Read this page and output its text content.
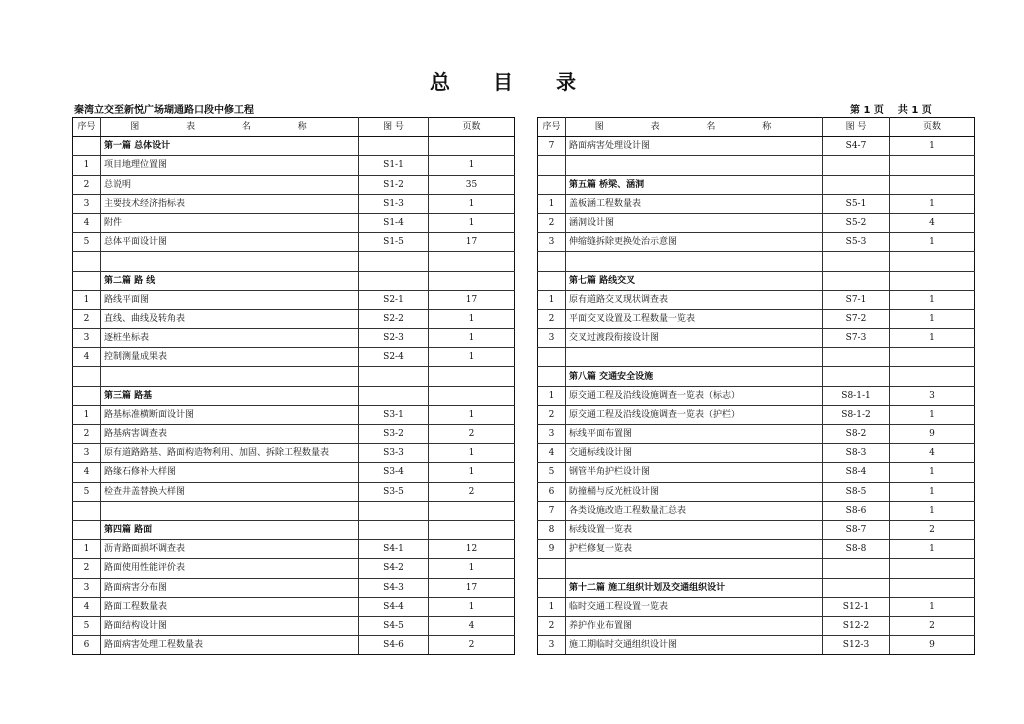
总 目 录
秦湾立交至新悦广场瑚通路口段中修工程	第 1 页    共 1 页
序号	图 表 名 称	图 号	页数
	第一篇 总体设计		
1	项目地理位置图	S1-1	1
2	总说明	S1-2	35
3	主要技术经济指标表	S1-3	1
4	附件	S1-4	1
5	总体平面设计图	S1-5	17

	第二篇 路 线		
1	路线平面图	S2-1	17
2	直线、曲线及转角表	S2-2	1
3	逐桩坐标表	S2-3	1
4	控制测量成果表	S2-4	1

	第三篇 路基		
1	路基标准横断面设计图	S3-1	1
2	路基病害调查表	S3-2	2
3	原有道路路基、路面构造物利用、加固、拆除工程数量表	S3-3	1
4	路缘石修补大样图	S3-4	1
5	检查井盖替换大样图	S3-5	2

	第四篇 路面		
1	沥青路面损坏调查表	S4-1	12
2	路面使用性能评价表	S4-2	1
3	路面病害分布图	S4-3	17
4	路面工程数量表	S4-4	1
5	路面结构设计图	S4-5	4
6	路面病害处理工程数量表	S4-6	2
序号	图 表 名 称	图 号	页数
7	路面病害处理设计图	S4-7	1

	第五篇 桥梁、涵洞		
1	盖板涵工程数量表	S5-1	1
2	涵洞设计图	S5-2	4
3	伸缩缝拆除更换处治示意图	S5-3	1

	第七篇 路线交叉		
1	原有道路交叉现状调查表	S7-1	1
2	平面交叉设置及工程数量一览表	S7-2	1
3	交叉过渡段衔接设计图	S7-3	1

	第八篇 交通安全设施		
1	原交通工程及沿线设施调查一览表（标志）	S8-1-1	3
2	原交通工程及沿线设施调查一览表（护栏）	S8-1-2	1
3	标线平面布置图	S8-2	9
4	交通标线设计图	S8-3	4
5	钢管半角护栏设计图	S8-4	1
6	防撞桶与反光桩设计图	S8-5	1
7	各类设施改造工程数量汇总表	S8-6	1
8	标线设置一览表	S8-7	2
9	护栏修复一览表	S8-8	1

	第十二篇 施工组织计划及交通组织设计		
1	临时交通工程设置一览表	S12-1	1
2	养护作业布置图	S12-2	2
3	施工期临时交通组织设计图	S12-3	9
